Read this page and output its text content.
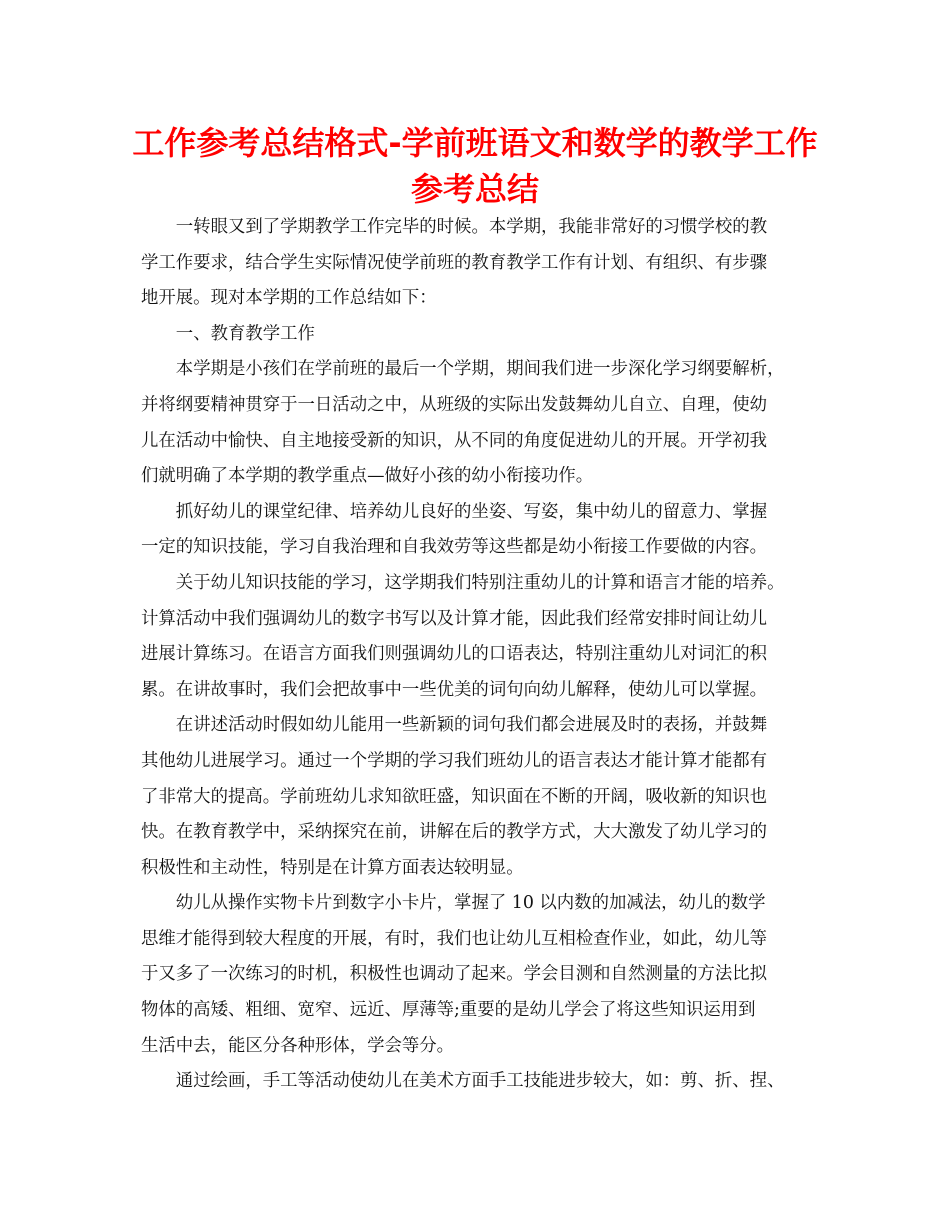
工作参考总结格式-学前班语文和数学的教学工作
参考总结
一转眼又到了学期教学工作完毕的时候。本学期，我能非常好的习惯学校的教
学工作要求，结合学生实际情况使学前班的教育教学工作有计划、有组织、有步骤
地开展。现对本学期的工作总结如下：
一、教育教学工作
本学期是小孩们在学前班的最后一个学期，期间我们进一步深化学习纲要解析，
并将纲要精神贯穿于一日活动之中，从班级的实际出发鼓舞幼儿自立、自理，使幼
儿在活动中愉快、自主地接受新的知识，从不同的角度促进幼儿的开展。开学初我
们就明确了本学期的教学重点—做好小孩的幼小衔接功作。
抓好幼儿的课堂纪律、培养幼儿良好的坐姿、写姿，集中幼儿的留意力、掌握
一定的知识技能，学习自我治理和自我效劳等这些都是幼小衔接工作要做的内容。
关于幼儿知识技能的学习，这学期我们特别注重幼儿的计算和语言才能的培养。
计算活动中我们强调幼儿的数字书写以及计算才能，因此我们经常安排时间让幼儿
进展计算练习。在语言方面我们则强调幼儿的口语表达，特别注重幼儿对词汇的积
累。在讲故事时，我们会把故事中一些优美的词句向幼儿解释，使幼儿可以掌握。
在讲述活动时假如幼儿能用一些新颖的词句我们都会进展及时的表扬，并鼓舞
其他幼儿进展学习。通过一个学期的学习我们班幼儿的语言表达才能计算才能都有
了非常大的提高。学前班幼儿求知欲旺盛，知识面在不断的开阔，吸收新的知识也
快。在教育教学中，采纳探究在前，讲解在后的教学方式，大大激发了幼儿学习的
积极性和主动性，特别是在计算方面表达较明显。
幼儿从操作实物卡片到数字小卡片，掌握了 10 以内数的加减法，幼儿的数学
思维才能得到较大程度的开展，有时，我们也让幼儿互相检查作业，如此，幼儿等
于又多了一次练习的时机，积极性也调动了起来。学会目测和自然测量的方法比拟
物体的高矮、粗细、宽窄、远近、厚薄等;重要的是幼儿学会了将这些知识运用到
生活中去，能区分各种形体，学会等分。
通过绘画，手工等活动使幼儿在美术方面手工技能进步较大，如：剪、折、捏、
